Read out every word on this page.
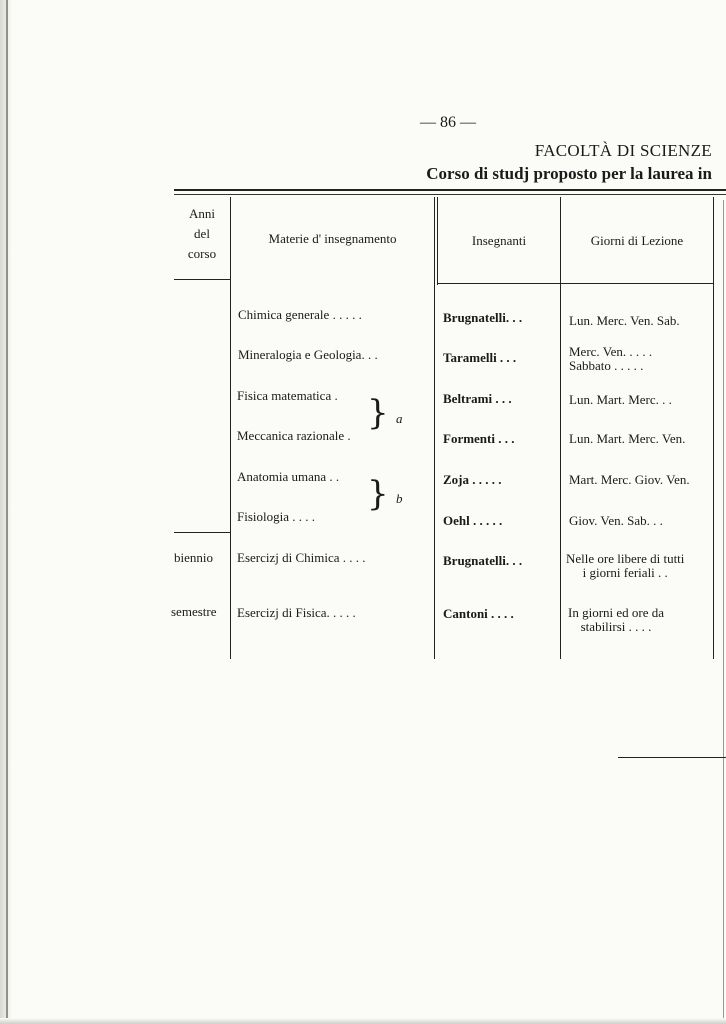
— 86 —
FACOLTÀ DI SCIENZE
Corso di studj proposto per la laurea in
Anni
del
corso
Materie d' insegnamento	Insegnanti	Giorni di Lezione
Chimica generale . . . . .	Brugnatelli. . .	Lun. Merc. Ven. Sab.
Mineralogia e Geologia. . .	Taramelli . . .	Merc. Ven. . . . .
Sabbato . . . . .
Fisica matematica .	Beltrami . . .	Lun. Mart. Merc. . .
Meccanica razionale .	Formenti . . .	Lun. Mart. Merc. Ven.
} a
Anatomia umana . .	Zoja . . . . .	Mart. Merc. Giov. Ven.
Fisiologia . . . .	Oehl . . . . .	Giov. Ven. Sab. . .
} b
biennio Esercizj di Chimica . . . .	Brugnatelli. . .	Nelle ore libere di tutti
i giorni feriali . .
semestre Esercizj di Fisica. . . . .	Cantoni . . . .	In giorni ed ore da
stabilirsi . . . .
